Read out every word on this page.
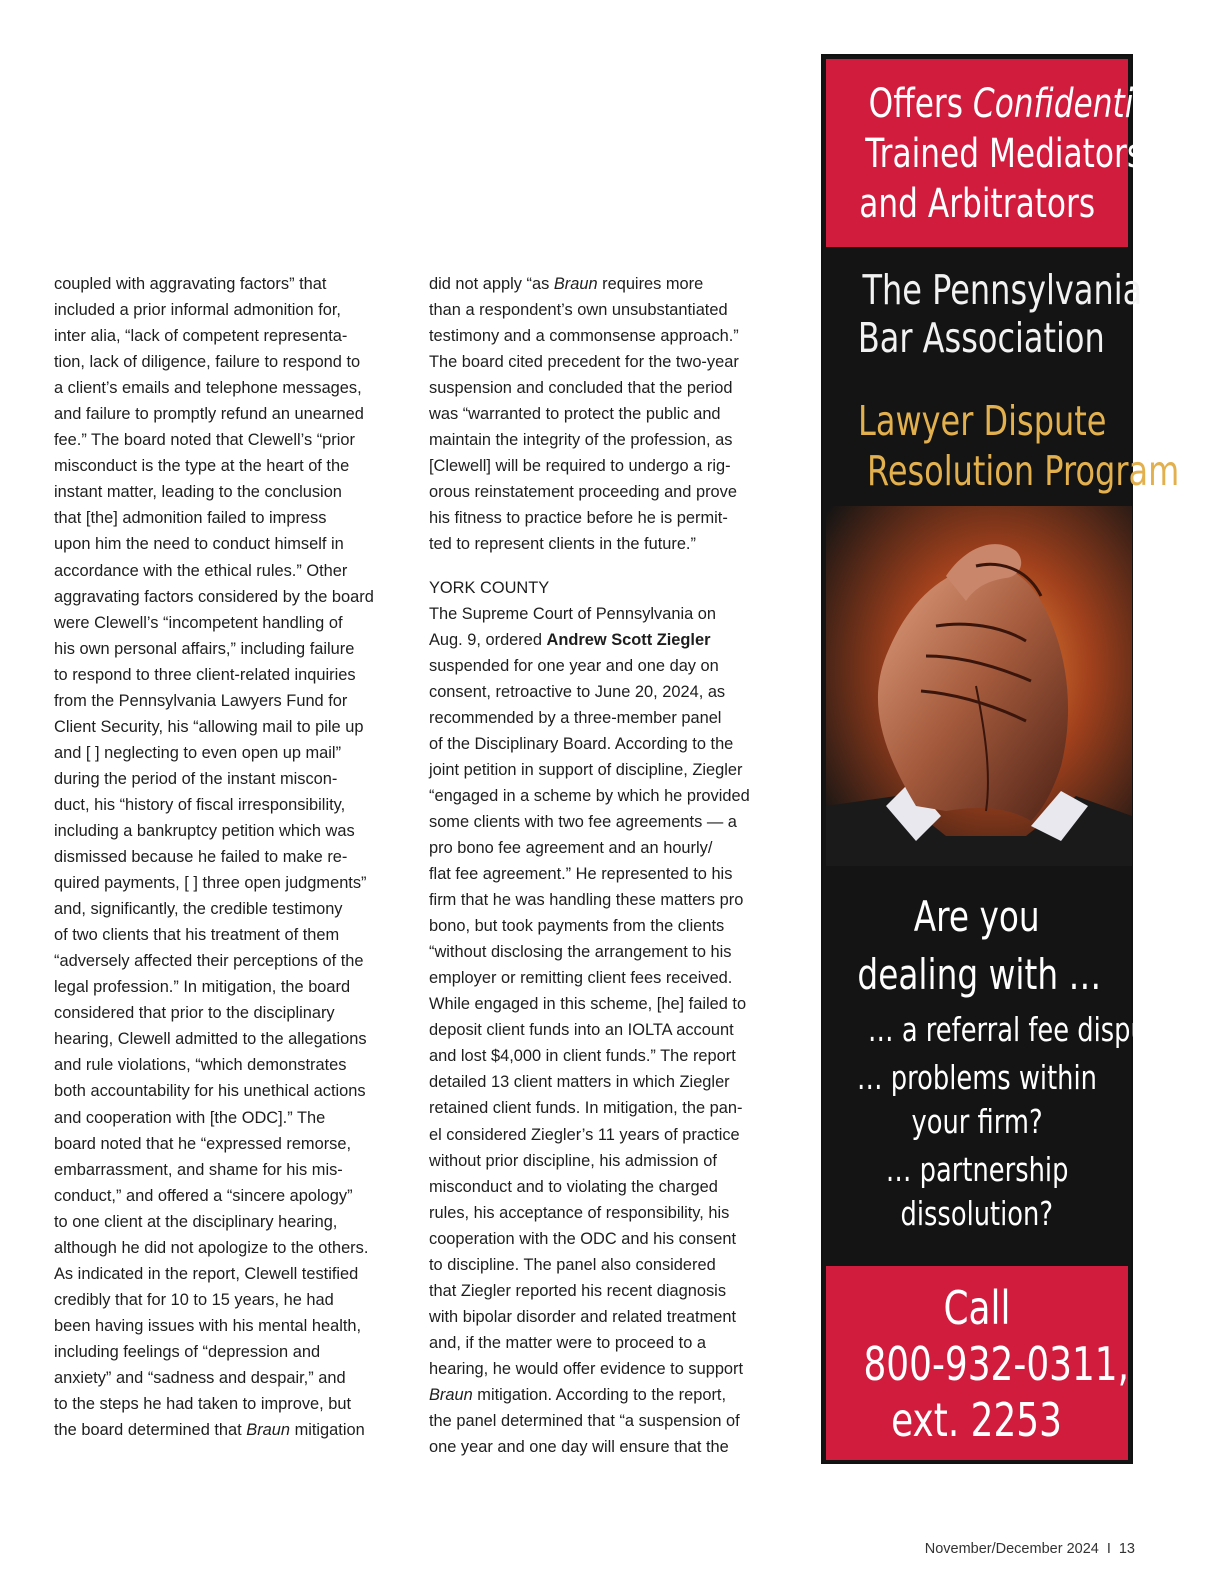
coupled with aggravating factors” that
included a prior informal admonition for,
inter alia, “lack of competent representa-
tion, lack of diligence, failure to respond to
a client’s emails and telephone messages,
and failure to promptly refund an unearned
fee.” The board noted that Clewell’s “prior
misconduct is the type at the heart of the
instant matter, leading to the conclusion
that [the] admonition failed to impress
upon him the need to conduct himself in
accordance with the ethical rules.” Other
aggravating factors considered by the board
were Clewell’s “incompetent handling of
his own personal affairs,” including failure
to respond to three client-related inquiries
from the Pennsylvania Lawyers Fund for
Client Security, his “allowing mail to pile up
and [ ] neglecting to even open up mail”
during the period of the instant miscon-
duct, his “history of fiscal irresponsibility,
including a bankruptcy petition which was
dismissed because he failed to make re-
quired payments, [ ] three open judgments”
and, significantly, the credible testimony
of two clients that his treatment of them
“adversely affected their perceptions of the
legal profession.” In mitigation, the board
considered that prior to the disciplinary
hearing, Clewell admitted to the allegations
and rule violations, “which demonstrates
both accountability for his unethical actions
and cooperation with [the ODC].” The
board noted that he “expressed remorse,
embarrassment, and shame for his mis-
conduct,” and offered a “sincere apology”
to one client at the disciplinary hearing,
although he did not apologize to the others.
As indicated in the report, Clewell testified
credibly that for 10 to 15 years, he had
been having issues with his mental health,
including feelings of “depression and
anxiety” and “sadness and despair,” and
to the steps he had taken to improve, but
the board determined that Braun mitigation
did not apply “as Braun requires more
than a respondent’s own unsubstantiated
testimony and a commonsense approach.”
The board cited precedent for the two-year
suspension and concluded that the period
was “warranted to protect the public and
maintain the integrity of the profession, as
[Clewell] will be required to undergo a rig-
orous reinstatement proceeding and prove
his fitness to practice before he is permit-
ted to represent clients in the future.”
YORK COUNTY
The Supreme Court of Pennsylvania on
Aug. 9, ordered Andrew Scott Ziegler
suspended for one year and one day on
consent, retroactive to June 20, 2024, as
recommended by a three-member panel
of the Disciplinary Board. According to the
joint petition in support of discipline, Ziegler
“engaged in a scheme by which he provided
some clients with two fee agreements — a
pro bono fee agreement and an hourly/
flat fee agreement.” He represented to his
firm that he was handling these matters pro
bono, but took payments from the clients
“without disclosing the arrangement to his
employer or remitting client fees received.
While engaged in this scheme, [he] failed to
deposit client funds into an IOLTA account
and lost $4,000 in client funds.” The report
detailed 13 client matters in which Ziegler
retained client funds. In mitigation, the pan-
el considered Ziegler’s 11 years of practice
without prior discipline, his admission of
misconduct and to violating the charged
rules, his acceptance of responsibility, his
cooperation with the ODC and his consent
to discipline. The panel also considered
that Ziegler reported his recent diagnosis
with bipolar disorder and related treatment
and, if the matter were to proceed to a
hearing, he would offer evidence to support
Braun mitigation. According to the report,
the panel determined that “a suspension of
one year and one day will ensure that the
Offers Confidential,
Trained Mediators
and Arbitrators
The Pennsylvania
Bar Association
Lawyer Dispute
Resolution Program
Are you
dealing with …
… a referral fee dispute?
… problems within
your firm?
… partnership
dissolution?
Call
800-932-0311,
ext. 2253
November/December 2024 I 13
